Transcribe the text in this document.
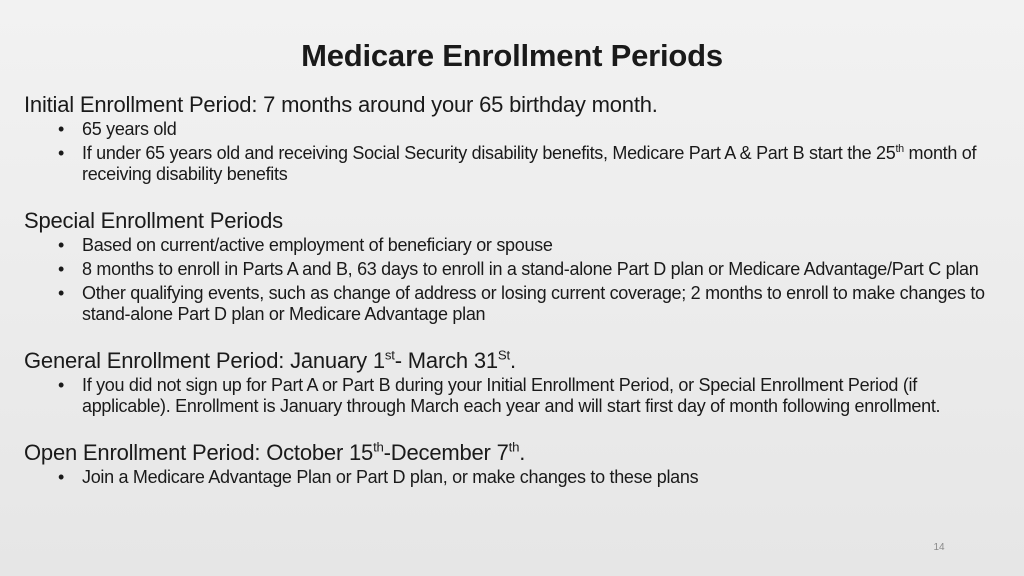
Medicare Enrollment Periods

Initial Enrollment Period: 7 months around your 65 birthday month.

• 65 years old
• If under 65 years old and receiving Social Security disability benefits, Medicare Part A & Part B start the 25th month of receiving disability benefits

Special Enrollment Periods

• Based on current/active employment of beneficiary or spouse
• 8 months to enroll in Parts A and B, 63 days to enroll in a stand-alone Part D plan or Medicare Advantage/Part C plan
• Other qualifying events, such as change of address or losing current coverage; 2 months to enroll to make changes to stand-alone Part D plan or Medicare Advantage plan

General Enrollment Period: January 1st- March 31St.

• If you did not sign up for Part A or Part B during your Initial Enrollment Period, or Special Enrollment Period (if applicable). Enrollment is January through March each year and will start first day of month following enrollment.

Open Enrollment Period: October 15th-December 7th.

• Join a Medicare Advantage Plan or Part D plan, or make changes to these plans
14
